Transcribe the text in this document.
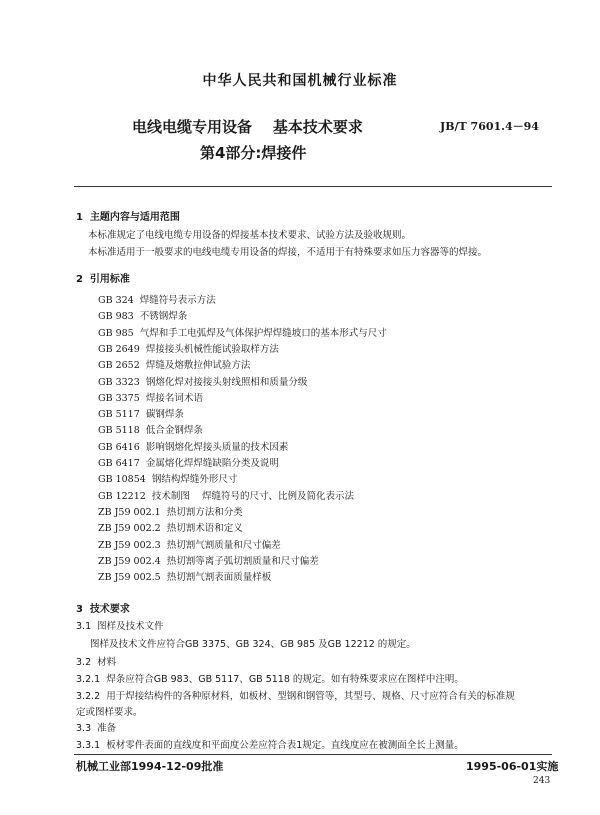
中华人民共和国机械行业标准
电线电缆专用设备    基本技术要求	JB/T 7601.4－94
第4部分:焊接件
1  主题内容与适用范围
本标准规定了电线电缆专用设备的焊接基本技术要求、试验方法及验收规则。
本标准适用于一般要求的电线电缆专用设备的焊接，不适用于有特殊要求如压力容器等的焊接。
2  引用标准
GB 324 焊缝符号表示方法
GB 983 不锈钢焊条
GB 985 气焊和手工电弧焊及气体保护焊焊缝坡口的基本形式与尺寸
GB 2649 焊接接头机械性能试验取样方法
GB 2652 焊缝及熔敷拉伸试验方法
GB 3323 钢熔化焊对接接头射线照相和质量分级
GB 3375 焊接名词术语
GB 5117 碳钢焊条
GB 5118 低合金钢焊条
GB 6416 影响钢熔化焊接头质量的技术因素
GB 6417 金属熔化焊焊缝缺陷分类及说明
GB 10854 钢结构焊缝外形尺寸
GB 12212 技术制图    焊缝符号的尺寸、比例及简化表示法
ZB J59 002.1 热切割方法和分类
ZB J59 002.2 热切割术语和定义
ZB J59 002.3 热切割气割质量和尺寸偏差
ZB J59 002.4 热切割等离子弧切割质量和尺寸偏差
ZB J59 002.5 热切割气割表面质量样板
3  技术要求
3.1  图样及技术文件
图样及技术文件应符合GB 3375、GB 324、GB 985 及GB 12212 的规定。
3.2  材料
3.2.1  焊条应符合GB 983、GB 5117、GB 5118 的规定。如有特殊要求应在图样中注明。
3.2.2  用于焊接结构件的各种原材料，如板材、型钢和钢管等，其型号、规格、尺寸应符合有关的标准规
定或图样要求。
3.3  准备
3.3.1  板材零件表面的直线度和平面度公差应符合表1规定。直线度应在被测面全长上测量。
机械工业部1994-12-09批准	1995-06-01实施
243
